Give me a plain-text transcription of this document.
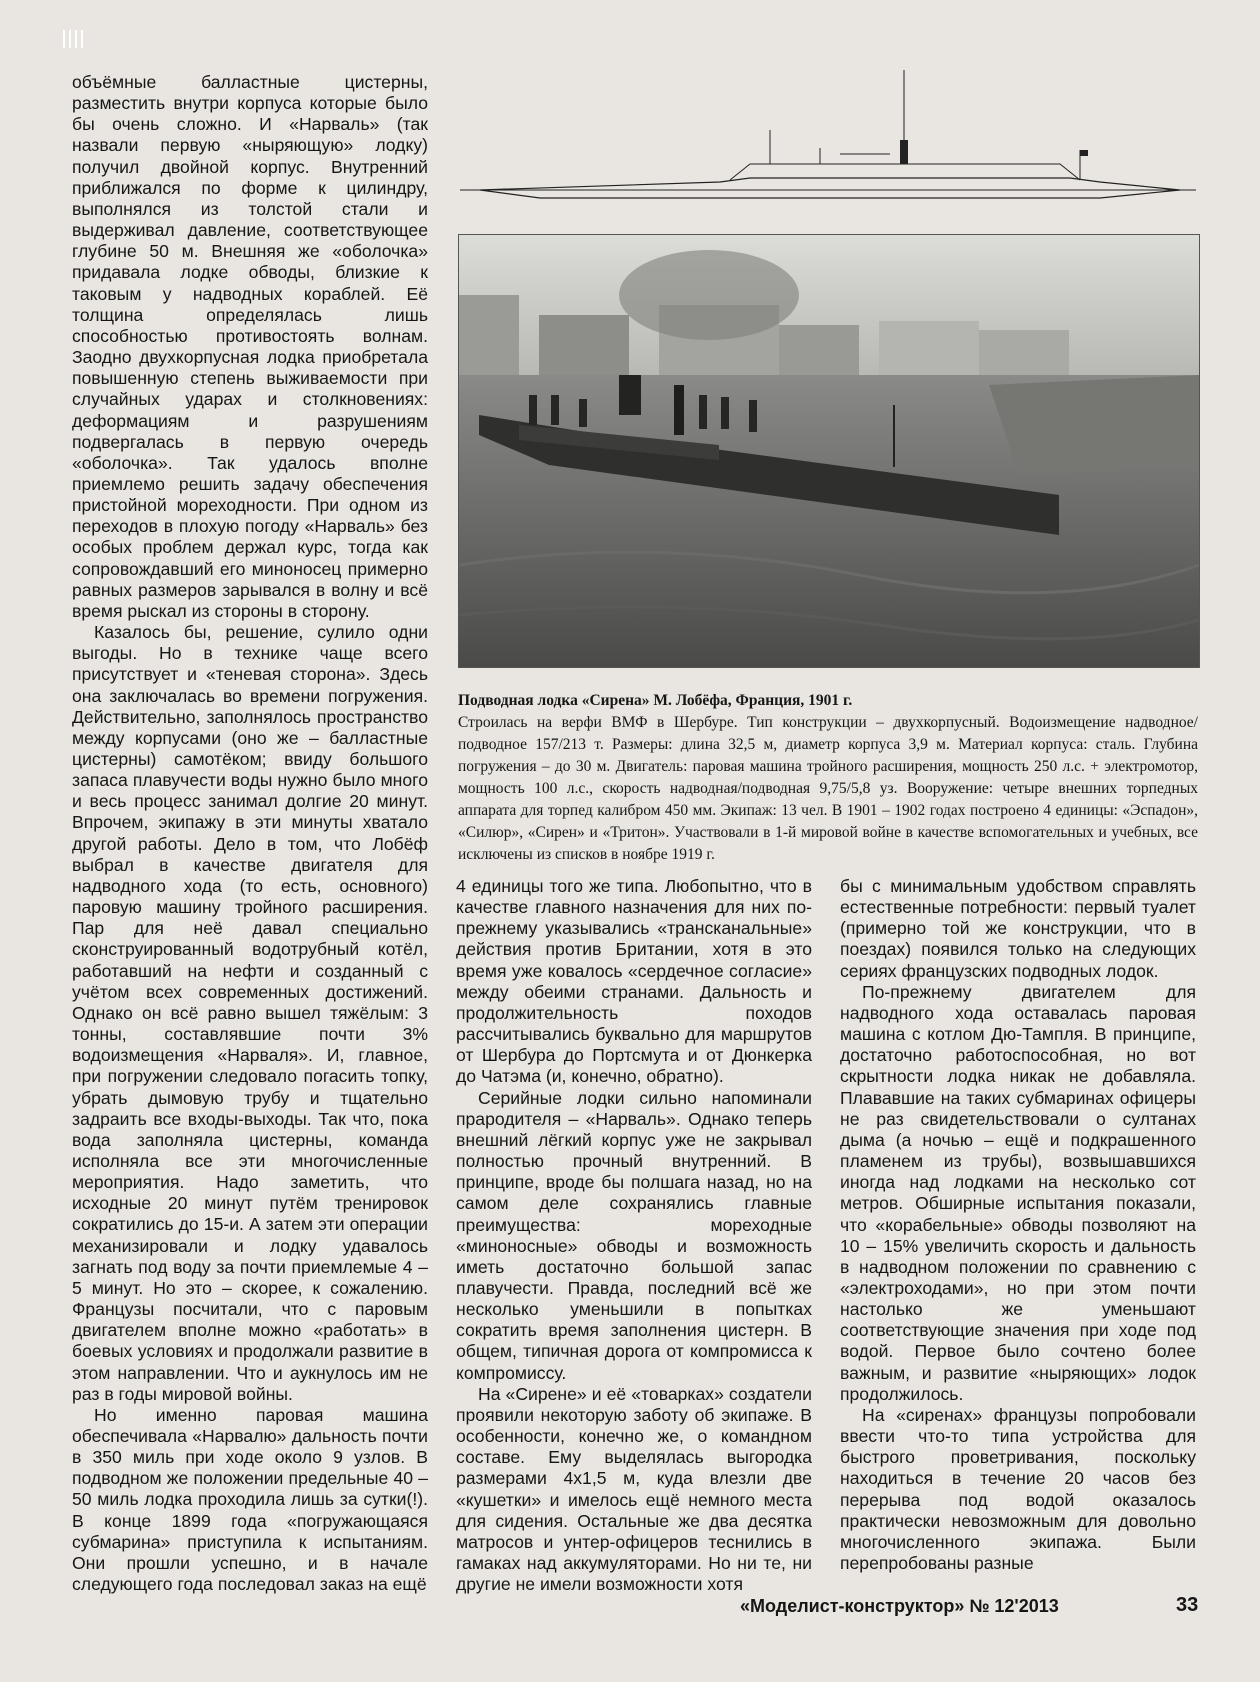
объёмные балластные цистерны, разместить внутри корпуса которые было бы очень сложно. И «Нарваль» (так назвали первую «ныряющую» лодку) получил двойной корпус. Внутренний приближался по форме к цилиндру, выполнялся из толстой стали и выдерживал давление, соответствующее глубине 50 м. Внешняя же «оболочка» придавала лодке обводы, близкие к таковым у надводных кораблей. Её толщина определялась лишь способностью противостоять волнам. Заодно двухкорпусная лодка приобретала повышенную степень выживаемости при случайных ударах и столкновениях: деформациям и разрушениям подвергалась в первую очередь «оболочка». Так удалось вполне приемлемо решить задачу обеспечения пристойной мореходности. При одном из переходов в плохую погоду «Нарваль» без особых проблем держал курс, тогда как сопровождавший его миноносец примерно равных размеров зарывался в волну и всё время рыскал из стороны в сторону.

Казалось бы, решение, сулило одни выгоды. Но в технике чаще всего присутствует и «теневая сторона». Здесь она заключалась во времени погружения. Действительно, заполнялось пространство между корпусами (оно же – балластные цистерны) самотёком; ввиду большого запаса плавучести воды нужно было много и весь процесс занимал долгие 20 минут. Впрочем, экипажу в эти минуты хватало другой работы. Дело в том, что Лобёф выбрал в качестве двигателя для надводного хода (то есть, основного) паровую машину тройного расширения. Пар для неё давал специально сконструированный водотрубный котёл, работавший на нефти и созданный с учётом всех современных достижений. Однако он всё равно вышел тяжёлым: 3 тонны, составлявшие почти 3% водоизмещения «Нарваля». И, главное, при погружении следовало погасить топку, убрать дымовую трубу и тщательно задраить все входы-выходы. Так что, пока вода заполняла цистерны, команда исполняла все эти многочисленные мероприятия. Надо заметить, что исходные 20 минут путём тренировок сократились до 15-и. А затем эти операции механизировали и лодку удавалось загнать под воду за почти приемлемые 4 – 5 минут. Но это – скорее, к сожалению. Французы посчитали, что с паровым двигателем вполне можно «работать» в боевых условиях и продолжали развитие в этом направлении. Что и аукнулось им не раз в годы мировой войны.

Но именно паровая машина обеспечивала «Нарвалю» дальность почти в 350 миль при ходе около 9 узлов. В подводном же положении предельные 40 – 50 миль лодка проходила лишь за сутки(!). В конце 1899 года «погружающаяся субмарина» приступила к испытаниям. Они прошли успешно, и в начале следующего года последовал заказ на ещё

Подводная лодка «Сирена» М. Лобёфа, Франция, 1901 г.
Строилась на верфи ВМФ в Шербуре. Тип конструкции – двухкорпусный. Водоизмещение надводное/подводное 157/213 т. Размеры: длина 32,5 м, диаметр корпуса 3,9 м. Материал корпуса: сталь. Глубина погружения – до 30 м. Двигатель: паровая машина тройного расширения, мощность 250 л.с. + электромотор, мощность 100 л.с., скорость надводная/подводная 9,75/5,8 уз. Вооружение: четыре внешних торпедных аппарата для торпед калибром 450 мм. Экипаж: 13 чел. В 1901 – 1902 годах построено 4 единицы: «Эспадон», «Силюр», «Сирен» и «Тритон». Участвовали в 1-й мировой войне в качестве вспомогательных и учебных, все исключены из списков в ноябре 1919 г.

4 единицы того же типа. Любопытно, что в качестве главного назначения для них по-прежнему указывались «трансканальные» действия против Британии, хотя в это время уже ковалось «сердечное согласие» между обеими странами. Дальность и продолжительность походов рассчитывались буквально для маршрутов от Шербура до Портсмута и от Дюнкерка до Чатэма (и, конечно, обратно).

Серийные лодки сильно напоминали прародителя – «Нарваль». Однако теперь внешний лёгкий корпус уже не закрывал полностью прочный внутренний. В принципе, вроде бы полшага назад, но на самом деле сохранялись главные преимущества: мореходные «миноносные» обводы и возможность иметь достаточно большой запас плавучести. Правда, последний всё же несколько уменьшили в попытках сократить время заполнения цистерн. В общем, типичная дорога от компромисса к компромиссу.

На «Сирене» и её «товарках» создатели проявили некоторую заботу об экипаже. В особенности, конечно же, о командном составе. Ему выделялась выгородка размерами 4х1,5 м, куда влезли две «кушетки» и имелось ещё немного места для сидения. Остальные же два десятка матросов и унтер-офицеров теснились в гамаках над аккумуляторами. Но ни те, ни другие не имели возможности хотя

бы с минимальным удобством справлять естественные потребности: первый туалет (примерно той же конструкции, что в поездах) появился только на следующих сериях французских подводных лодок.

По-прежнему двигателем для надводного хода оставалась паровая машина с котлом Дю-Тампля. В принципе, достаточно работоспособная, но вот скрытности лодка никак не добавляла. Плававшие на таких субмаринах офицеры не раз свидетельствовали о султанах дыма (а ночью – ещё и подкрашенного пламенем из трубы), возвышавшихся иногда над лодками на несколько сот метров. Обширные испытания показали, что «корабельные» обводы позволяют на 10 – 15% увеличить скорость и дальность в надводном положении по сравнению с «электроходами», но при этом почти настолько же уменьшают соответствующие значения при ходе под водой. Первое было сочтено более важным, и развитие «ныряющих» лодок продолжилось.

На «сиренах» французы попробовали ввести что-то типа устройства для быстрого проветривания, поскольку находиться в течение 20 часов без перерыва под водой оказалось практически невозможным для довольно многочисленного экипажа. Были перепробованы разные

«Моделист-конструктор» № 12'2013	33
